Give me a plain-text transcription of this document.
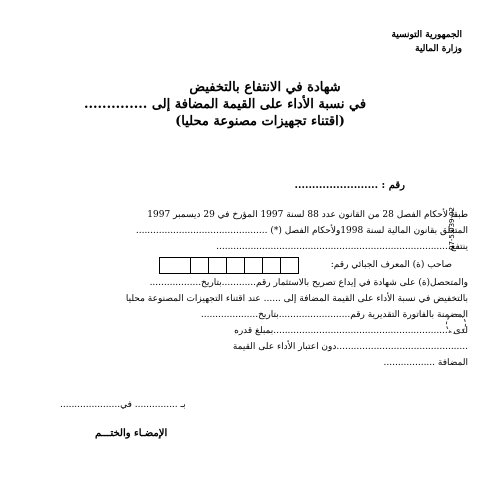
الجمهورية التونسية
وزارة المالية
شهادة في الانتفاع بالتخفيض
في نسبة الأداء على القيمة المضافة إلى ..............
(اقتناء تجهيزات مصنوعة محليا)
رقم : ........................
طبقا لأحكام الفصل 28 من القانون عدد 88 لسنة 1997 المؤرخ في 29 ديسمبر 1997
المتعلق بقانون المالية لسنة 1998ولأحكام الفصل (*) ..............................................
ينتفع..................................................................................
صاحب (ة) المعرف الجبائي رقم:
والمتحصل(ة) على شهادة في إيداع تصريح بالاستثمار رقم............بتاريخ..................
بالتخفيض في نسبة الأداء على القيمة المضافة إلى ...... عند اقتناء التجهيزات المصنوعة محليا
المضمنة بالفاتورة التقديرية رقم.........................بتاريخ....................
لدى ..............................................................بمبلغ قدره
..............................................دون اعتبار الأداء على القيمة
المضافة ..................
بـ ............... في.....................
الإمضـاء والختـــم
07-5.039-02
